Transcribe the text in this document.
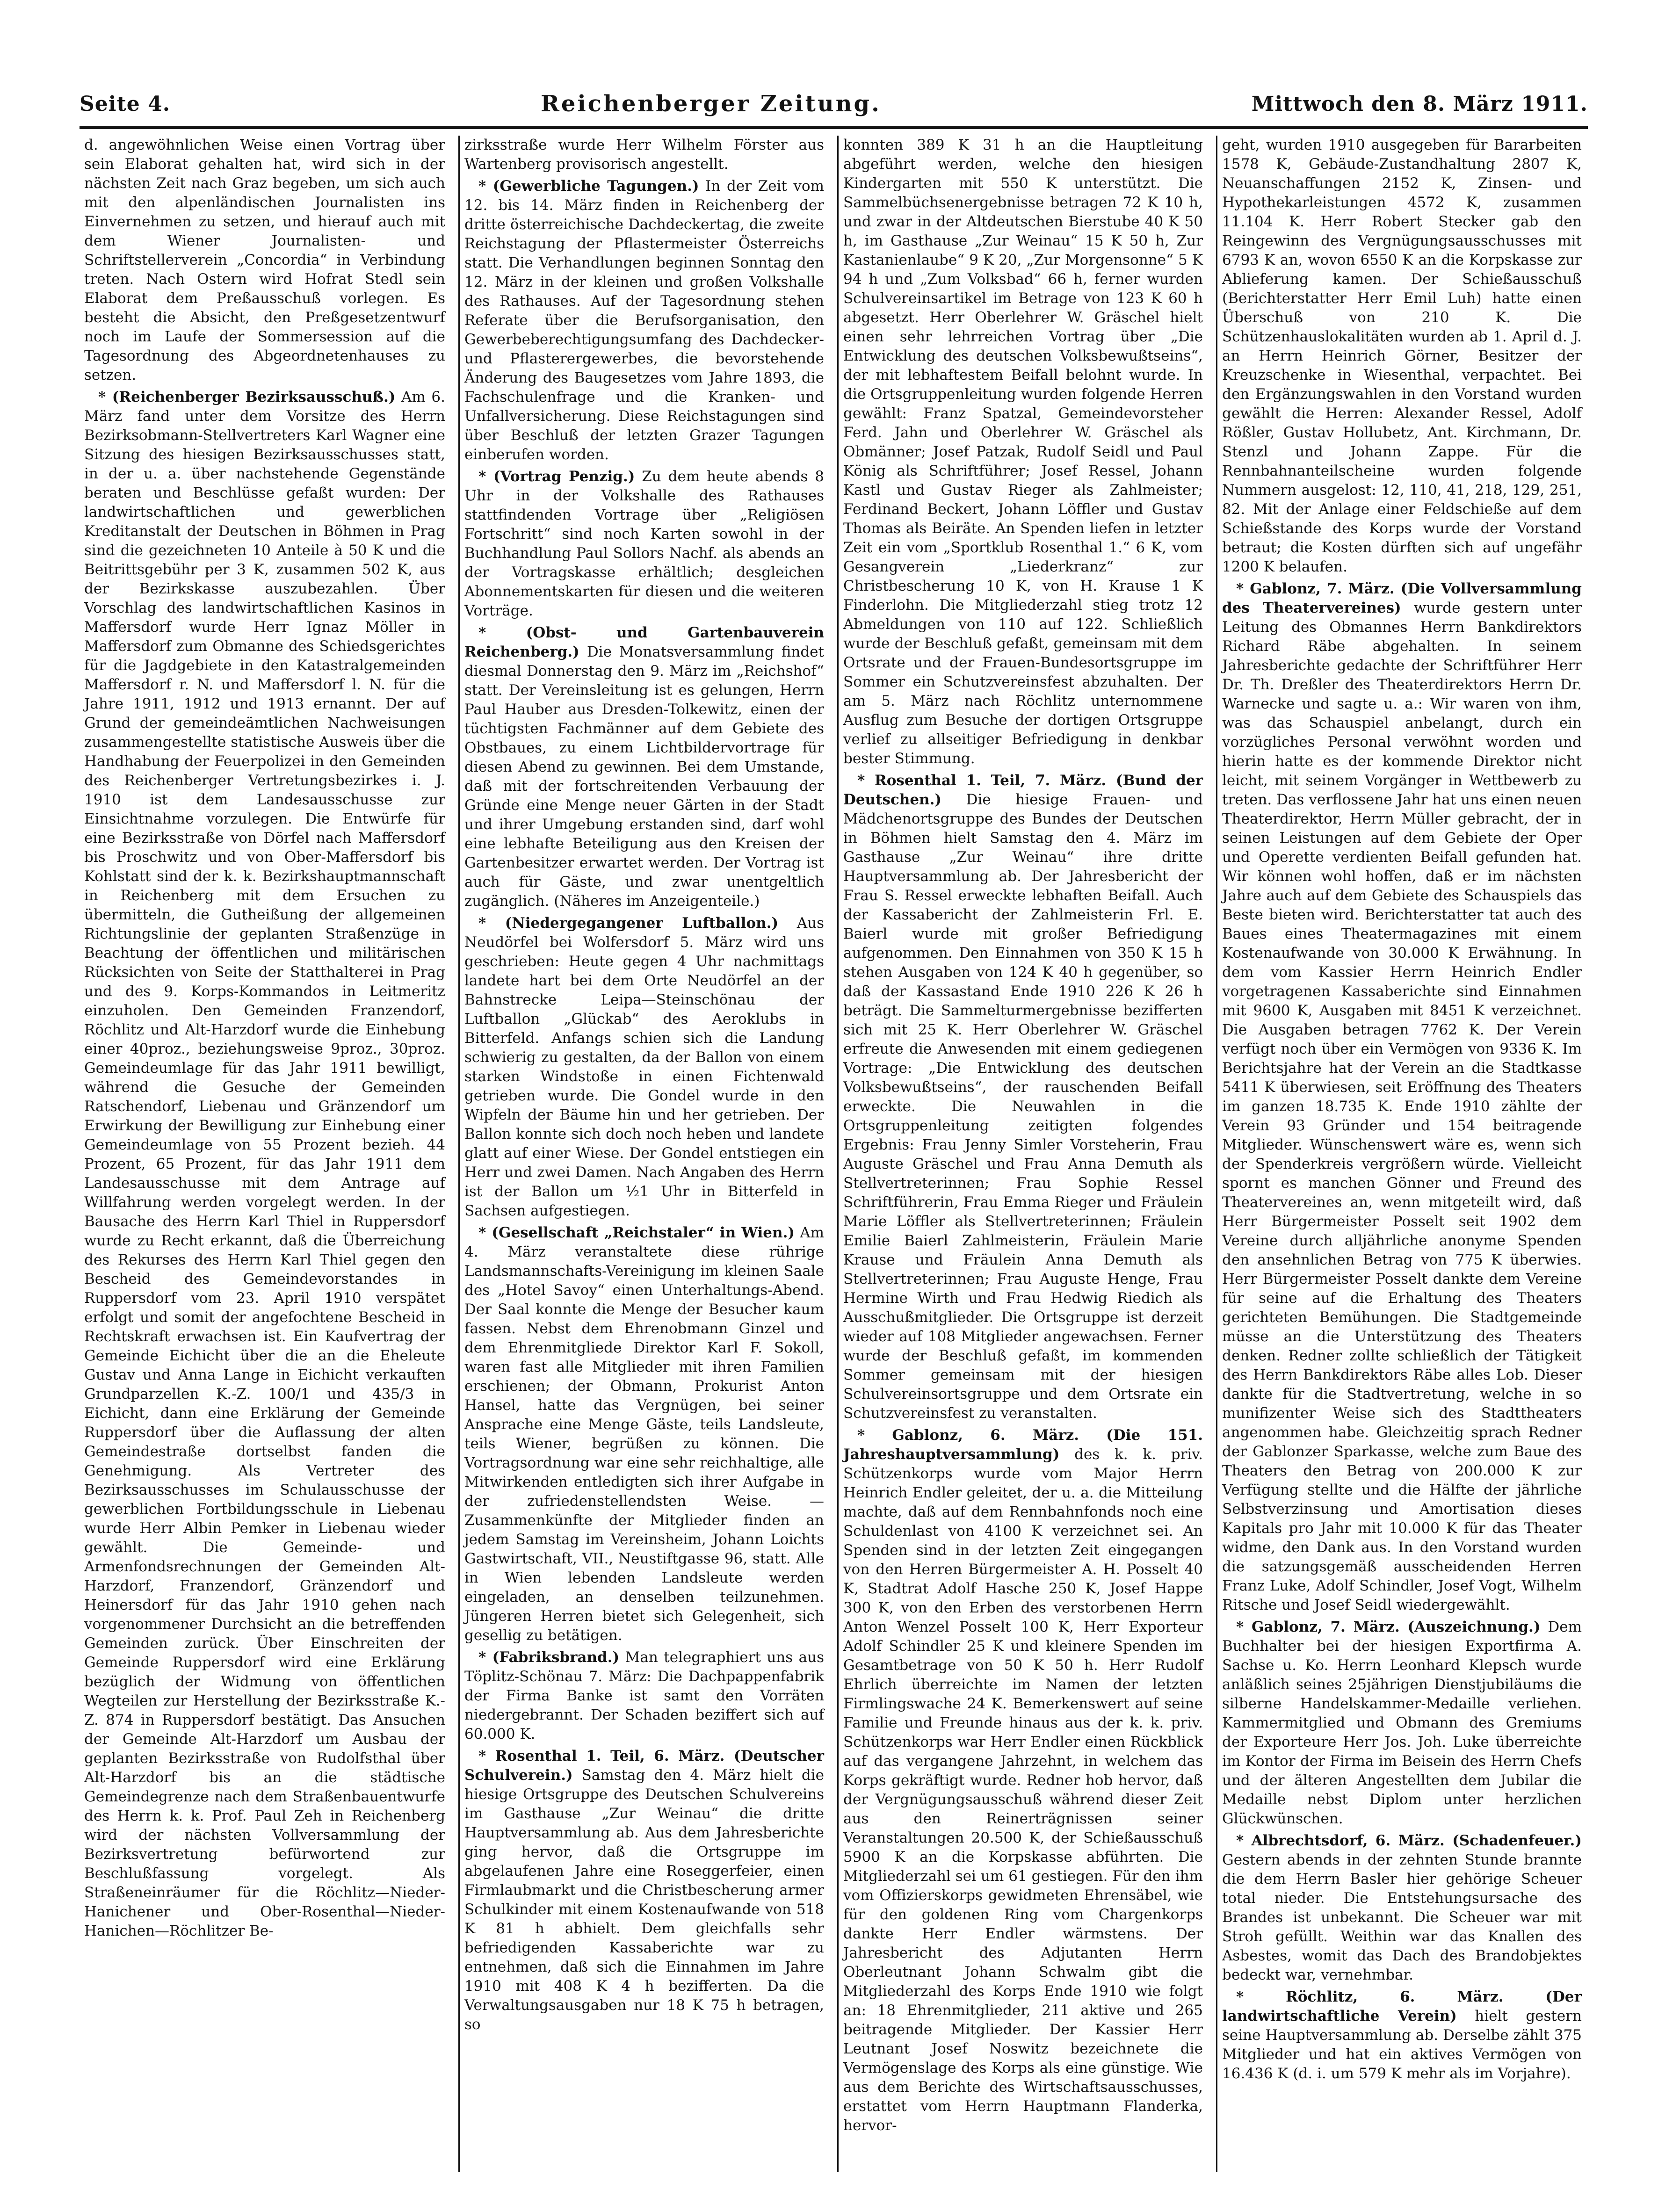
Seite 4.	Reichenberger Zeitung.	Mittwoch den 8. März 1911.

d. angewöhnlichen Weise einen Vortrag über sein Elaborat gehalten hat, wird sich in der nächsten Zeit nach Graz begeben, um sich auch mit den alpenländischen Journalisten ins Einvernehmen zu setzen, und hierauf auch mit dem Wiener Journalisten- und Schriftstellerverein „Concordia“ in Verbindung treten. Nach Ostern wird Hofrat Stedl sein Elaborat dem Preßausschuß vorlegen. Es besteht die Absicht, den Preßgesetzentwurf noch im Laufe der Sommersession auf die Tagesordnung des Abgeordnetenhauses zu setzen.

* (Reichenberger Bezirksausschuß.) Am 6. März fand unter dem Vorsitze des Herrn Bezirksobmann-Stellvertreters Karl Wagner eine Sitzung des hiesigen Bezirksausschusses statt, in der u. a. über nachstehende Gegenstände beraten und Beschlüsse gefaßt wurden: Der landwirtschaftlichen und gewerblichen Kreditanstalt der Deutschen in Böhmen in Prag sind die gezeichneten 10 Anteile à 50 K und die Beitrittsgebühr per 3 K, zusammen 502 K, aus der Bezirkskasse auszubezahlen. Über Vorschlag des landwirtschaftlichen Kasinos in Maffersdorf wurde Herr Ignaz Möller in Maffersdorf zum Obmanne des Schiedsgerichtes für die Jagdgebiete in den Katastralgemeinden Maffersdorf r. N. und Maffersdorf l. N. für die Jahre 1911, 1912 und 1913 ernannt. Der auf Grund der gemeindeämtlichen Nachweisungen zusammengestellte statistische Ausweis über die Handhabung der Feuerpolizei in den Gemeinden des Reichenberger Vertretungsbezirkes i. J. 1910 ist dem Landesausschusse zur Einsichtnahme vorzulegen. Die Entwürfe für eine Bezirksstraße von Dörfel nach Maffersdorf bis Proschwitz und von Ober-Maffersdorf bis Kohlstatt sind der k. k. Bezirkshauptmannschaft in Reichenberg mit dem Ersuchen zu übermitteln, die Gutheißung der allgemeinen Richtungslinie der geplanten Straßenzüge in Beachtung der öffentlichen und militärischen Rücksichten von Seite der Statthalterei in Prag und des 9. Korps-Kommandos in Leitmeritz einzuholen. Den Gemeinden Franzendorf, Röchlitz und Alt-Harzdorf wurde die Einhebung einer 40proz., beziehungsweise 9proz., 30proz. Gemeindeumlage für das Jahr 1911 bewilligt, während die Gesuche der Gemeinden Ratschendorf, Liebenau und Gränzendorf um Erwirkung der Bewilligung zur Einhebung einer Gemeindeumlage von 55 Prozent bezieh. 44 Prozent, 65 Prozent, für das Jahr 1911 dem Landesausschusse mit dem Antrage auf Willfahrung werden vorgelegt werden. In der Bausache des Herrn Karl Thiel in Ruppersdorf wurde zu Recht erkannt, daß die Überreichung des Rekurses des Herrn Karl Thiel gegen den Bescheid des Gemeindevorstandes in Ruppersdorf vom 23. April 1910 verspätet erfolgt und somit der angefochtene Bescheid in Rechtskraft erwachsen ist. Ein Kaufvertrag der Gemeinde Eichicht über die an die Eheleute Gustav und Anna Lange in Eichicht verkauften Grundparzellen K.-Z. 100/1 und 435/3 in Eichicht, dann eine Erklärung der Gemeinde Ruppersdorf über die Auflassung der alten Gemeindestraße dortselbst fanden die Genehmigung. Als Vertreter des Bezirksausschusses im Schulausschusse der gewerblichen Fortbildungsschule in Liebenau wurde Herr Albin Pemker in Liebenau wieder gewählt. Die Gemeinde- und Armenfondsrechnungen der Gemeinden Alt-Harzdorf, Franzendorf, Gränzendorf und Heinersdorf für das Jahr 1910 gehen nach vorgenommener Durchsicht an die betreffenden Gemeinden zurück. Über Einschreiten der Gemeinde Ruppersdorf wird eine Erklärung bezüglich der Widmung von öffentlichen Wegteilen zur Herstellung der Bezirksstraße K.-Z. 874 in Ruppersdorf bestätigt. Das Ansuchen der Gemeinde Alt-Harzdorf um Ausbau der geplanten Bezirksstraße von Rudolfsthal über Alt-Harzdorf bis an die städtische Gemeindegrenze nach dem Straßenbauentwurfe des Herrn k. k. Prof. Paul Zeh in Reichenberg wird der nächsten Vollversammlung der Bezirksvertretung befürwortend zur Beschlußfassung vorgelegt. Als Straßeneinräumer für die Röchlitz—Nieder-Hanichener und Ober-Rosenthal—Nieder-Hanichen—Röchlitzer Be-

zirksstraße wurde Herr Wilhelm Förster aus Wartenberg provisorisch angestellt.

* (Gewerbliche Tagungen.) In der Zeit vom 12. bis 14. März finden in Reichenberg der dritte österreichische Dachdeckertag, die zweite Reichstagung der Pflastermeister Österreichs statt. Die Verhandlungen beginnen Sonntag den 12. März in der kleinen und großen Volkshalle des Rathauses. Auf der Tagesordnung stehen Referate über die Berufsorganisation, den Gewerbeberechtigungsumfang des Dachdecker- und Pflasterergewerbes, die bevorstehende Änderung des Baugesetzes vom Jahre 1893, die Fachschulenfrage und die Kranken- und Unfallversicherung. Diese Reichstagungen sind über Beschluß der letzten Grazer Tagungen einberufen worden.

* (Vortrag Penzig.) Zu dem heute abends 8 Uhr in der Volkshalle des Rathauses stattfindenden Vortrage über „Religiösen Fortschritt“ sind noch Karten sowohl in der Buchhandlung Paul Sollors Nachf. als abends an der Vortragskasse erhältlich; desgleichen Abonnementskarten für diesen und die weiteren Vorträge.

* (Obst- und Gartenbauverein Reichenberg.) Die Monatsversammlung findet diesmal Donnerstag den 9. März im „Reichshof“ statt. Der Vereinsleitung ist es gelungen, Herrn Paul Hauber aus Dresden-Tolkewitz, einen der tüchtigsten Fachmänner auf dem Gebiete des Obstbaues, zu einem Lichtbildervortrage für diesen Abend zu gewinnen. Bei dem Umstande, daß mit der fortschreitenden Verbauung der Gründe eine Menge neuer Gärten in der Stadt und ihrer Umgebung erstanden sind, darf wohl eine lebhafte Beteiligung aus den Kreisen der Gartenbesitzer erwartet werden. Der Vortrag ist auch für Gäste, und zwar unentgeltlich zugänglich. (Näheres im Anzeigenteile.)

* (Niedergegangener Luftballon.) Aus Neudörfel bei Wolfersdorf 5. März wird uns geschrieben: Heute gegen 4 Uhr nachmittags landete hart bei dem Orte Neudörfel an der Bahnstrecke Leipa—Steinschönau der Luftballon „Glückab“ des Aeroklubs in Bitterfeld. Anfangs schien sich die Landung schwierig zu gestalten, da der Ballon von einem starken Windstoße in einen Fichtenwald getrieben wurde. Die Gondel wurde in den Wipfeln der Bäume hin und her getrieben. Der Ballon konnte sich doch noch heben und landete glatt auf einer Wiese. Der Gondel entstiegen ein Herr und zwei Damen. Nach Angaben des Herrn ist der Ballon um ½1 Uhr in Bitterfeld in Sachsen aufgestiegen.

* (Gesellschaft „Reichstaler“ in Wien.) Am 4. März veranstaltete diese rührige Landsmannschafts-Vereinigung im kleinen Saale des „Hotel Savoy“ einen Unterhaltungs-Abend. Der Saal konnte die Menge der Besucher kaum fassen. Nebst dem Ehrenobmann Ginzel und dem Ehrenmitgliede Direktor Karl F. Sokoll, waren fast alle Mitglieder mit ihren Familien erschienen; der Obmann, Prokurist Anton Hansel, hatte das Vergnügen, bei seiner Ansprache eine Menge Gäste, teils Landsleute, teils Wiener, begrüßen zu können. Die Vortragsordnung war eine sehr reichhaltige, alle Mitwirkenden entledigten sich ihrer Aufgabe in der zufriedenstellendsten Weise. — Zusammenkünfte der Mitglieder finden an jedem Samstag im Vereinsheim, Johann Loichts Gastwirtschaft, VII., Neustiftgasse 96, statt. Alle in Wien lebenden Landsleute werden eingeladen, an denselben teilzunehmen. Jüngeren Herren bietet sich Gelegenheit, sich gesellig zu betätigen.

* (Fabriksbrand.) Man telegraphiert uns aus Töplitz-Schönau 7. März: Die Dachpappenfabrik der Firma Banke ist samt den Vorräten niedergebrannt. Der Schaden beziffert sich auf 60.000 K.

* Rosenthal 1. Teil, 6. März. (Deutscher Schulverein.) Samstag den 4. März hielt die hiesige Ortsgruppe des Deutschen Schulvereins im Gasthause „Zur Weinau“ die dritte Hauptversammlung ab. Aus dem Jahresberichte ging hervor, daß die Ortsgruppe im abgelaufenen Jahre eine Roseggerfeier, einen Firmlaubmarkt und die Christbescherung armer Schulkinder mit einem Kostenaufwande von 518 K 81 h abhielt. Dem gleichfalls sehr befriedigenden Kassaberichte war zu entnehmen, daß sich die Einnahmen im Jahre 1910 mit 408 K 4 h bezifferten. Da die Verwaltungsausgaben nur 18 K 75 h betragen, so

konnten 389 K 31 h an die Hauptleitung abgeführt werden, welche den hiesigen Kindergarten mit 550 K unterstützt. Die Sammelbüchsenergebnisse betragen 72 K 10 h, und zwar in der Altdeutschen Bierstube 40 K 50 h, im Gasthause „Zur Weinau“ 15 K 50 h, Zur Kastanienlaube“ 9 K 20, „Zur Morgensonne“ 5 K 94 h und „Zum Volksbad“ 66 h, ferner wurden Schulvereinsartikel im Betrage von 123 K 60 h abgesetzt. Herr Oberlehrer W. Gräschel hielt einen sehr lehrreichen Vortrag über „Die Entwicklung des deutschen Volksbewußtseins“, der mit lebhaftestem Beifall belohnt wurde. In die Ortsgruppenleitung wurden folgende Herren gewählt: Franz Spatzal, Gemeindevorsteher Ferd. Jahn und Oberlehrer W. Gräschel als Obmänner; Josef Patzak, Rudolf Seidl und Paul König als Schriftführer; Josef Ressel, Johann Kastl und Gustav Rieger als Zahlmeister; Ferdinand Beckert, Johann Löffler und Gustav Thomas als Beiräte. An Spenden liefen in letzter Zeit ein vom „Sportklub Rosenthal 1.“ 6 K, vom Gesangverein „Liederkranz“ zur Christbescherung 10 K, von H. Krause 1 K Finderlohn. Die Mitgliederzahl stieg trotz 12 Abmeldungen von 110 auf 122. Schließlich wurde der Beschluß gefaßt, gemeinsam mit dem Ortsrate und der Frauen-Bundesortsgruppe im Sommer ein Schutzvereinsfest abzuhalten. Der am 5. März nach Röchlitz unternommene Ausflug zum Besuche der dortigen Ortsgruppe verlief zu allseitiger Befriedigung in denkbar bester Stimmung.

* Rosenthal 1. Teil, 7. März. (Bund der Deutschen.) Die hiesige Frauen- und Mädchenortsgruppe des Bundes der Deutschen in Böhmen hielt Samstag den 4. März im Gasthause „Zur Weinau“ ihre dritte Hauptversammlung ab. Der Jahresbericht der Frau S. Ressel erweckte lebhaften Beifall. Auch der Kassabericht der Zahlmeisterin Frl. E. Baierl wurde mit großer Befriedigung aufgenommen. Den Einnahmen von 350 K 15 h stehen Ausgaben von 124 K 40 h gegenüber, so daß der Kassastand Ende 1910 226 K 26 h beträgt. Die Sammelturmergebnisse bezifferten sich mit 25 K. Herr Oberlehrer W. Gräschel erfreute die Anwesenden mit einem gediegenen Vortrage: „Die Entwicklung des deutschen Volksbewußtseins“, der rauschenden Beifall erweckte. Die Neuwahlen in die Ortsgruppenleitung zeitigten folgendes Ergebnis: Frau Jenny Simler Vorsteherin, Frau Auguste Gräschel und Frau Anna Demuth als Stellvertreterinnen; Frau Sophie Ressel Schriftführerin, Frau Emma Rieger und Fräulein Marie Löffler als Stellvertreterinnen; Fräulein Emilie Baierl Zahlmeisterin, Fräulein Marie Krause und Fräulein Anna Demuth als Stellvertreterinnen; Frau Auguste Henge, Frau Hermine Wirth und Frau Hedwig Riedich als Ausschußmitglieder. Die Ortsgruppe ist derzeit wieder auf 108 Mitglieder angewachsen. Ferner wurde der Beschluß gefaßt, im kommenden Sommer gemeinsam mit der hiesigen Schulvereinsortsgruppe und dem Ortsrate ein Schutzvereinsfest zu veranstalten.

* Gablonz, 6. März. (Die 151. Jahreshauptversammlung) des k. k. priv. Schützenkorps wurde vom Major Herrn Heinrich Endler geleitet, der u. a. die Mitteilung machte, daß auf dem Rennbahnfonds noch eine Schuldenlast von 4100 K verzeichnet sei. An Spenden sind in der letzten Zeit eingegangen von den Herren Bürgermeister A. H. Posselt 40 K, Stadtrat Adolf Hasche 250 K, Josef Happe 300 K, von den Erben des verstorbenen Herrn Anton Wenzel Posselt 100 K, Herr Exporteur Adolf Schindler 25 K und kleinere Spenden im Gesamtbetrage von 50 K 50 h. Herr Rudolf Ehrlich überreichte im Namen der letzten Firmlingswache 24 K. Bemerkenswert auf seine Familie und Freunde hinaus aus der k. k. priv. Schützenkorps war Herr Endler einen Rückblick auf das vergangene Jahrzehnt, in welchem das Korps gekräftigt wurde. Redner hob hervor, daß der Vergnügungsausschuß während dieser Zeit aus den Reinerträgnissen seiner Veranstaltungen 20.500 K, der Schießausschuß 5900 K an die Korpskasse abführten. Die Mitgliederzahl sei um 61 gestiegen. Für den ihm vom Offizierskorps gewidmeten Ehrensäbel, wie für den goldenen Ring vom Chargenkorps dankte Herr Endler wärmstens. Der Jahresbericht des Adjutanten Herrn Oberleutnant Johann Schwalm gibt die Mitgliederzahl des Korps Ende 1910 wie folgt an: 18 Ehrenmitglieder, 211 aktive und 265 beitragende Mitglieder. Der Kassier Herr Leutnant Josef Noswitz bezeichnete die Vermögenslage des Korps als eine günstige. Wie aus dem Berichte des Wirtschaftsausschusses, erstattet vom Herrn Hauptmann Flanderka, hervor-

geht, wurden 1910 ausgegeben für Bararbeiten 1578 K, Gebäude-Zustandhaltung 2807 K, Neuanschaffungen 2152 K, Zinsen- und Hypothekarleistungen 4572 K, zusammen 11.104 K. Herr Robert Stecker gab den Reingewinn des Vergnügungsausschusses mit 6793 K an, wovon 6550 K an die Korpskasse zur Ablieferung kamen. Der Schießausschuß (Berichterstatter Herr Emil Luh) hatte einen Überschuß von 210 K. Die Schützenhauslokalitäten wurden ab 1. April d. J. an Herrn Heinrich Görner, Besitzer der Kreuzschenke in Wiesenthal, verpachtet. Bei den Ergänzungswahlen in den Vorstand wurden gewählt die Herren: Alexander Ressel, Adolf Rößler, Gustav Hollubetz, Ant. Kirchmann, Dr. Stenzl und Johann Zappe. Für die Rennbahnanteilscheine wurden folgende Nummern ausgelost: 12, 110, 41, 218, 129, 251, 82. Mit der Anlage einer Feldschieße auf dem Schießstande des Korps wurde der Vorstand betraut; die Kosten dürften sich auf ungefähr 1200 K belaufen.

* Gablonz, 7. März. (Die Vollversammlung des Theatervereines) wurde gestern unter Leitung des Obmannes Herrn Bankdirektors Richard Räbe abgehalten. In seinem Jahresberichte gedachte der Schriftführer Herr Dr. Th. Dreßler des Theaterdirektors Herrn Dr. Warnecke und sagte u. a.: Wir waren von ihm, was das Schauspiel anbelangt, durch ein vorzügliches Personal verwöhnt worden und hierin hatte es der kommende Direktor nicht leicht, mit seinem Vorgänger in Wettbewerb zu treten. Das verflossene Jahr hat uns einen neuen Theaterdirektor, Herrn Müller gebracht, der in seinen Leistungen auf dem Gebiete der Oper und Operette verdienten Beifall gefunden hat. Wir können wohl hoffen, daß er im nächsten Jahre auch auf dem Gebiete des Schauspiels das Beste bieten wird. Berichterstatter tat auch des Baues eines Theatermagazines mit einem Kostenaufwande von 30.000 K Erwähnung. In dem vom Kassier Herrn Heinrich Endler vorgetragenen Kassaberichte sind Einnahmen mit 9600 K, Ausgaben mit 8451 K verzeichnet. Die Ausgaben betragen 7762 K. Der Verein verfügt noch über ein Vermögen von 9336 K. Im Berichtsjahre hat der Verein an die Stadtkasse 5411 K überwiesen, seit Eröffnung des Theaters im ganzen 18.735 K. Ende 1910 zählte der Verein 93 Gründer und 154 beitragende Mitglieder. Wünschenswert wäre es, wenn sich der Spenderkreis vergrößern würde. Vielleicht spornt es manchen Gönner und Freund des Theatervereines an, wenn mitgeteilt wird, daß Herr Bürgermeister Posselt seit 1902 dem Vereine durch alljährliche anonyme Spenden den ansehnlichen Betrag von 775 K überwies. Herr Bürgermeister Posselt dankte dem Vereine für seine auf die Erhaltung des Theaters gerichteten Bemühungen. Die Stadtgemeinde müsse an die Unterstützung des Theaters denken. Redner zollte schließlich der Tätigkeit des Herrn Bankdirektors Räbe alles Lob. Dieser dankte für die Stadtvertretung, welche in so munifizenter Weise sich des Stadttheaters angenommen habe. Gleichzeitig sprach Redner der Gablonzer Sparkasse, welche zum Baue des Theaters den Betrag von 200.000 K zur Verfügung stellte und die Hälfte der jährliche Selbstverzinsung und Amortisation dieses Kapitals pro Jahr mit 10.000 K für das Theater widme, den Dank aus. In den Vorstand wurden die satzungsgemäß ausscheidenden Herren Franz Luke, Adolf Schindler, Josef Vogt, Wilhelm Ritsche und Josef Seidl wiedergewählt.

* Gablonz, 7. März. (Auszeichnung.) Dem Buchhalter bei der hiesigen Exportfirma A. Sachse u. Ko. Herrn Leonhard Klepsch wurde anläßlich seines 25jährigen Dienstjubiläums die silberne Handelskammer-Medaille verliehen. Kammermitglied und Obmann des Gremiums der Exporteure Herr Jos. Joh. Luke überreichte im Kontor der Firma im Beisein des Herrn Chefs und der älteren Angestellten dem Jubilar die Medaille nebst Diplom unter herzlichen Glückwünschen.

* Albrechtsdorf, 6. März. (Schadenfeuer.) Gestern abends in der zehnten Stunde brannte die dem Herrn Basler hier gehörige Scheuer total nieder. Die Entstehungsursache des Brandes ist unbekannt. Die Scheuer war mit Stroh gefüllt. Weithin war das Knallen des Asbestes, womit das Dach des Brandobjektes bedeckt war, vernehmbar.

* Röchlitz, 6. März. (Der landwirtschaftliche Verein) hielt gestern seine Hauptversammlung ab. Derselbe zählt 375 Mitglieder und hat ein aktives Vermögen von 16.436 K (d. i. um 579 K mehr als im Vorjahre).
